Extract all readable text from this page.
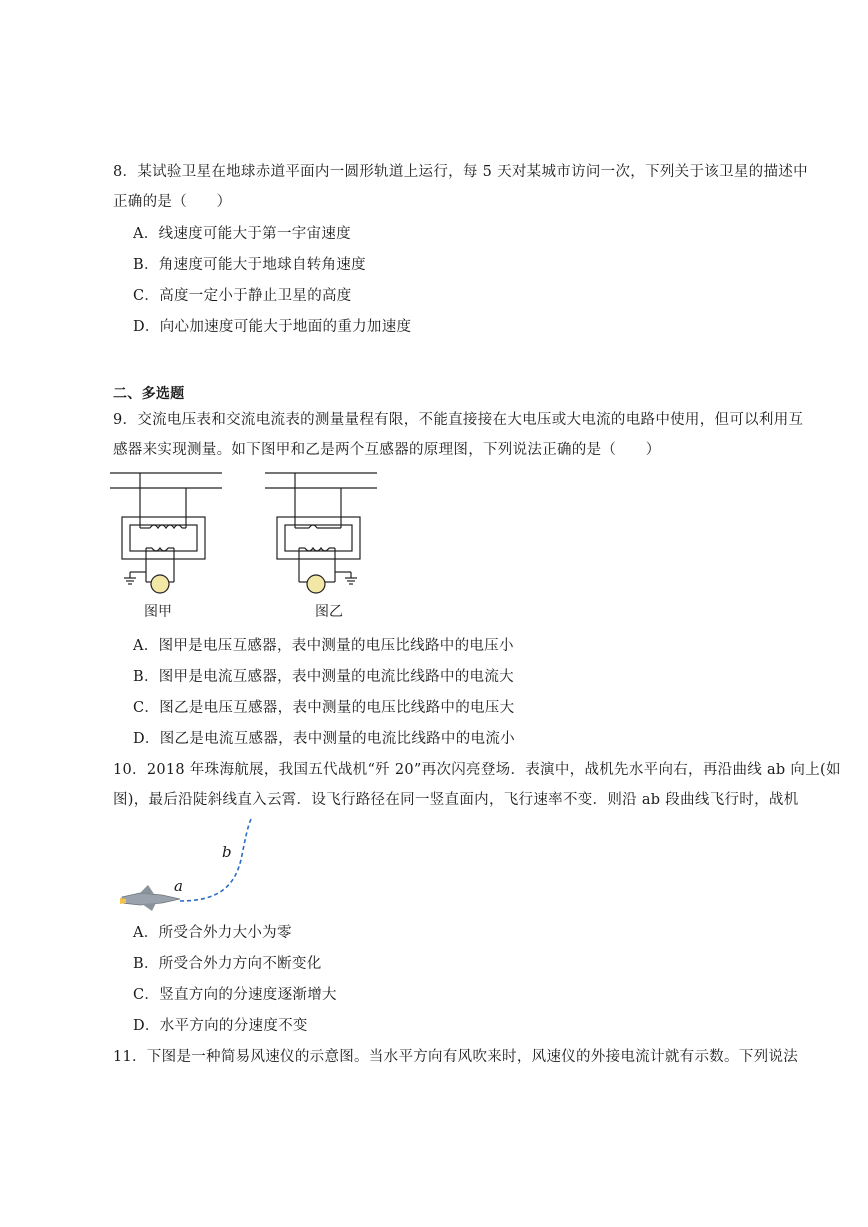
8．某试验卫星在地球赤道平面内一圆形轨道上运行，每 5 天对某城市访问一次，下列关于该卫星的描述中
正确的是（　　）
A．线速度可能大于第一宇宙速度
B．角速度可能大于地球自转角速度
C．高度一定小于静止卫星的高度
D．向心加速度可能大于地面的重力加速度
二、多选题
9．交流电压表和交流电流表的测量量程有限，不能直接接在大电压或大电流的电路中使用，但可以利用互
感器来实现测量。如下图甲和乙是两个互感器的原理图，下列说法正确的是（　　）
图甲	图乙
A．图甲是电压互感器，表中测量的电压比线路中的电压小
B．图甲是电流互感器，表中测量的电流比线路中的电流大
C．图乙是电压互感器，表中测量的电压比线路中的电压大
D．图乙是电流互感器，表中测量的电流比线路中的电流小
10．2018 年珠海航展，我国五代战机“歼 20”再次闪亮登场．表演中，战机先水平向右，再沿曲线 ab 向上(如
图)，最后沿陡斜线直入云霄．设飞行路径在同一竖直面内，飞行速率不变．则沿 ab 段曲线飞行时，战机
a
b
A．所受合外力大小为零
B．所受合外力方向不断变化
C．竖直方向的分速度逐渐增大
D．水平方向的分速度不变
11．下图是一种简易风速仪的示意图。当水平方向有风吹来时，风速仪的外接电流计就有示数。下列说法
